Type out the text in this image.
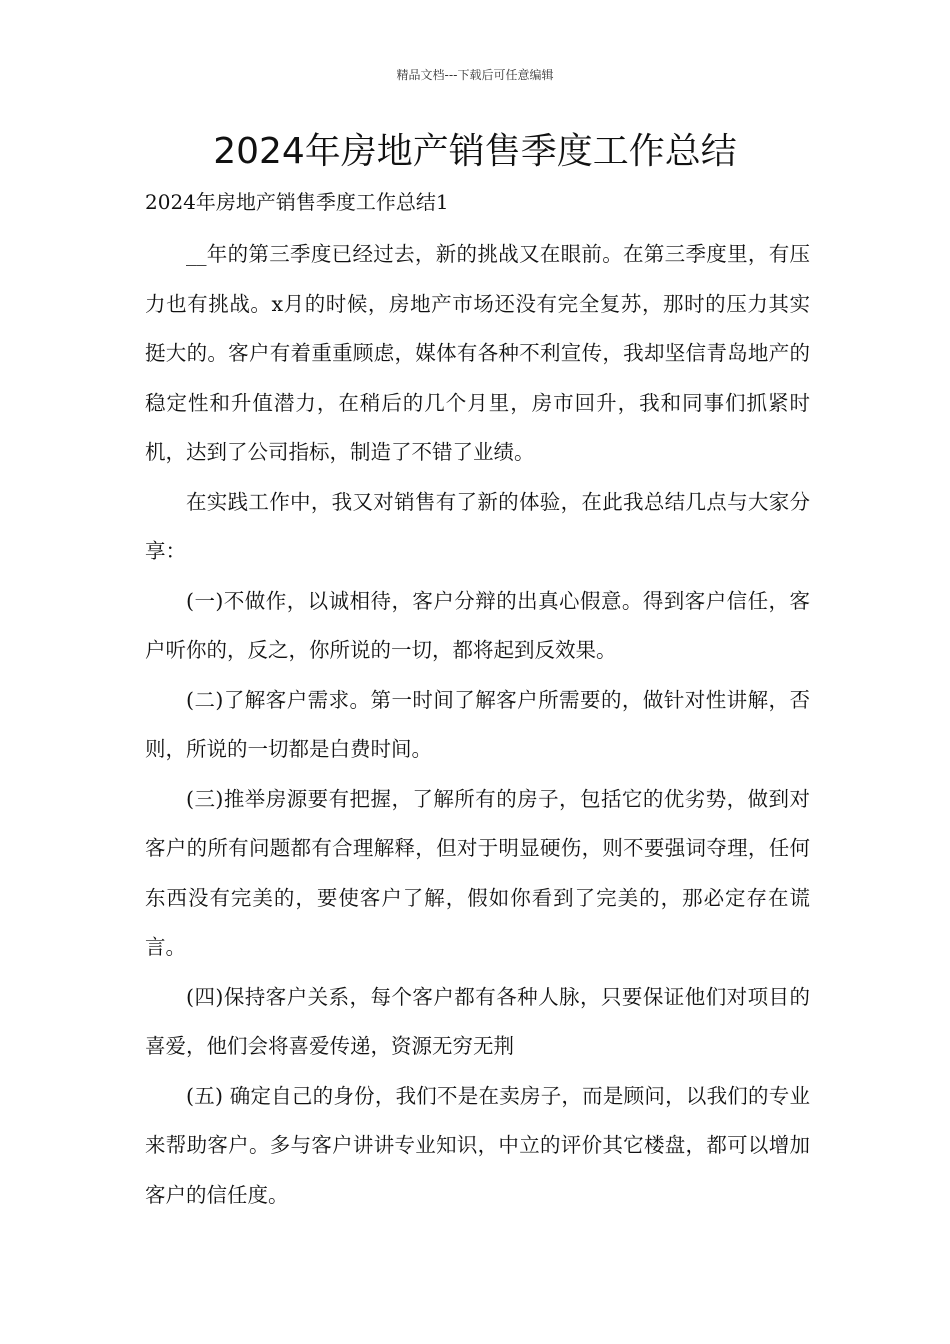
精品文档---下载后可任意编辑
2024年房地产销售季度工作总结
2024年房地产销售季度工作总结1

__年的第三季度已经过去，新的挑战又在眼前。在第三季度里，有压力也有挑战。x月的时候，房地产市场还没有完全复苏，那时的压力其实挺大的。客户有着重重顾虑，媒体有各种不利宣传，我却坚信青岛地产的稳定性和升值潜力，在稍后的几个月里，房市回升，我和同事们抓紧时机，达到了公司指标，制造了不错了业绩。

在实践工作中，我又对销售有了新的体验，在此我总结几点与大家分享：

(一)不做作，以诚相待，客户分辩的出真心假意。得到客户信任，客户听你的，反之，你所说的一切，都将起到反效果。

(二)了解客户需求。第一时间了解客户所需要的，做针对性讲解，否则，所说的一切都是白费时间。

(三)推举房源要有把握，了解所有的房子，包括它的优劣势，做到对客户的所有问题都有合理解释，但对于明显硬伤，则不要强词夺理，任何东西没有完美的，要使客户了解，假如你看到了完美的，那必定存在谎言。

(四)保持客户关系，每个客户都有各种人脉，只要保证他们对项目的喜爱，他们会将喜爱传递，资源无穷无荆

(五) 确定自己的身份，我们不是在卖房子，而是顾问，以我们的专业来帮助客户。多与客户讲讲专业知识，中立的评价其它楼盘，都可以增加客户的信任度。
